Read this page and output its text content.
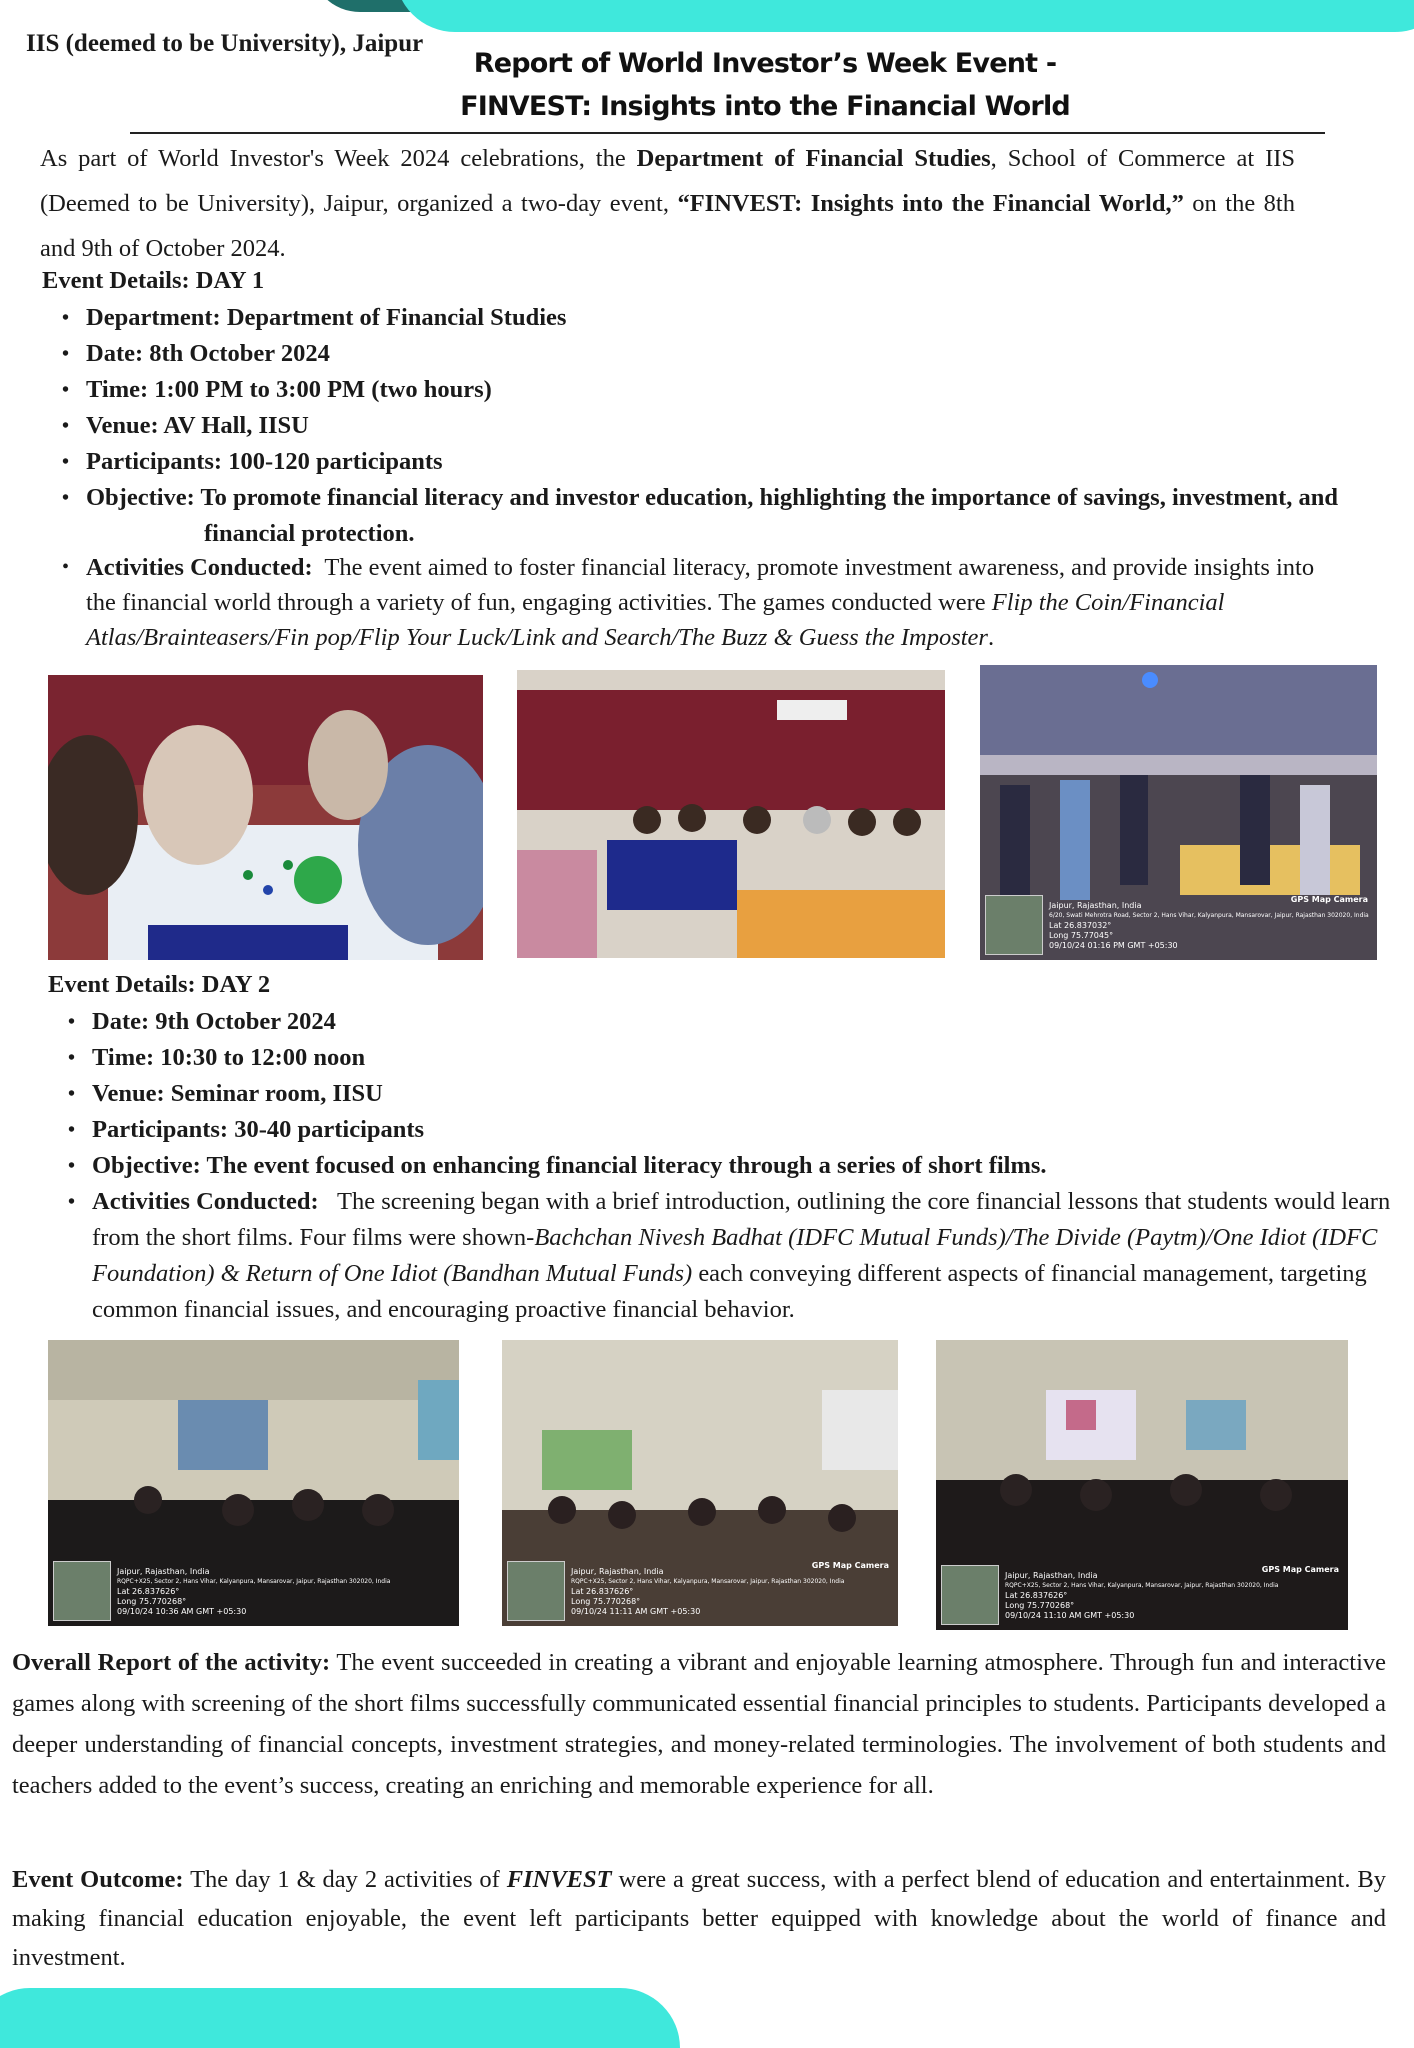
IIS (deemed to be University), Jaipur
Report of World Investor’s Week Event -
FINVEST: Insights into the Financial World
As part of World Investor's Week 2024 celebrations, the Department of Financial Studies, School of Commerce at IIS (Deemed to be University), Jaipur, organized a two-day event, “FINVEST: Insights into the Financial World,” on the 8th and 9th of October 2024.
Event Details: DAY 1
• Department: Department of Financial Studies
• Date: 8th October 2024
• Time: 1:00 PM to 3:00 PM (two hours)
• Venue: AV Hall, IISU
• Participants: 100-120 participants
• Objective: To promote financial literacy and investor education, highlighting the importance of savings, investment, and
financial protection.
• Activities Conducted: The event aimed to foster financial literacy, promote investment awareness, and provide insights into the financial world through a variety of fun, engaging activities. The games conducted were Flip the Coin/Financial Atlas/Brainteasers/Fin pop/Flip Your Luck/Link and Search/The Buzz & Guess the Imposter.
GPS Map Camera
Jaipur, Rajasthan, India
6/20, Swati Mehrotra Road, Sector 2, Hans Vihar, Kalyanpura, Mansarovar, Jaipur, Rajasthan 302020, India
Lat 26.837032°
Long 75.77045°
09/10/24 01:16 PM GMT +05:30
Event Details: DAY 2
• Date: 9th October 2024
• Time: 10:30 to 12:00 noon
• Venue: Seminar room, IISU
• Participants: 30-40 participants
• Objective: The event focused on enhancing financial literacy through a series of short films.
• Activities Conducted: The screening began with a brief introduction, outlining the core financial lessons that students would learn from the short films. Four films were shown-Bachchan Nivesh Badhat (IDFC Mutual Funds)/The Divide (Paytm)/One Idiot (IDFC Foundation) & Return of One Idiot (Bandhan Mutual Funds) each conveying different aspects of financial management, targeting common financial issues, and encouraging proactive financial behavior.
Jaipur, Rajasthan, India
RQPC+X25, Sector 2, Hans Vihar, Kalyanpura, Mansarovar, Jaipur, Rajasthan 302020, India
Lat 26.837626°
Long 75.770268°
09/10/24 10:36 AM GMT +05:30
GPS Map Camera
Jaipur, Rajasthan, India
RQPC+X25, Sector 2, Hans Vihar, Kalyanpura, Mansarovar, Jaipur, Rajasthan 302020, India
Lat 26.837626°
Long 75.770268°
09/10/24 11:11 AM GMT +05:30
GPS Map Camera
Jaipur, Rajasthan, India
RQPC+X25, Sector 2, Hans Vihar, Kalyanpura, Mansarovar, Jaipur, Rajasthan 302020, India
Lat 26.837626°
Long 75.770268°
09/10/24 11:10 AM GMT +05:30
Overall Report of the activity: The event succeeded in creating a vibrant and enjoyable learning atmosphere. Through fun and interactive games along with screening of the short films successfully communicated essential financial principles to students. Participants developed a deeper understanding of financial concepts, investment strategies, and money-related terminologies. The involvement of both students and teachers added to the event’s success, creating an enriching and memorable experience for all.
Event Outcome: The day 1 & day 2 activities of FINVEST were a great success, with a perfect blend of education and entertainment. By making financial education enjoyable, the event left participants better equipped with knowledge about the world of finance and investment.
